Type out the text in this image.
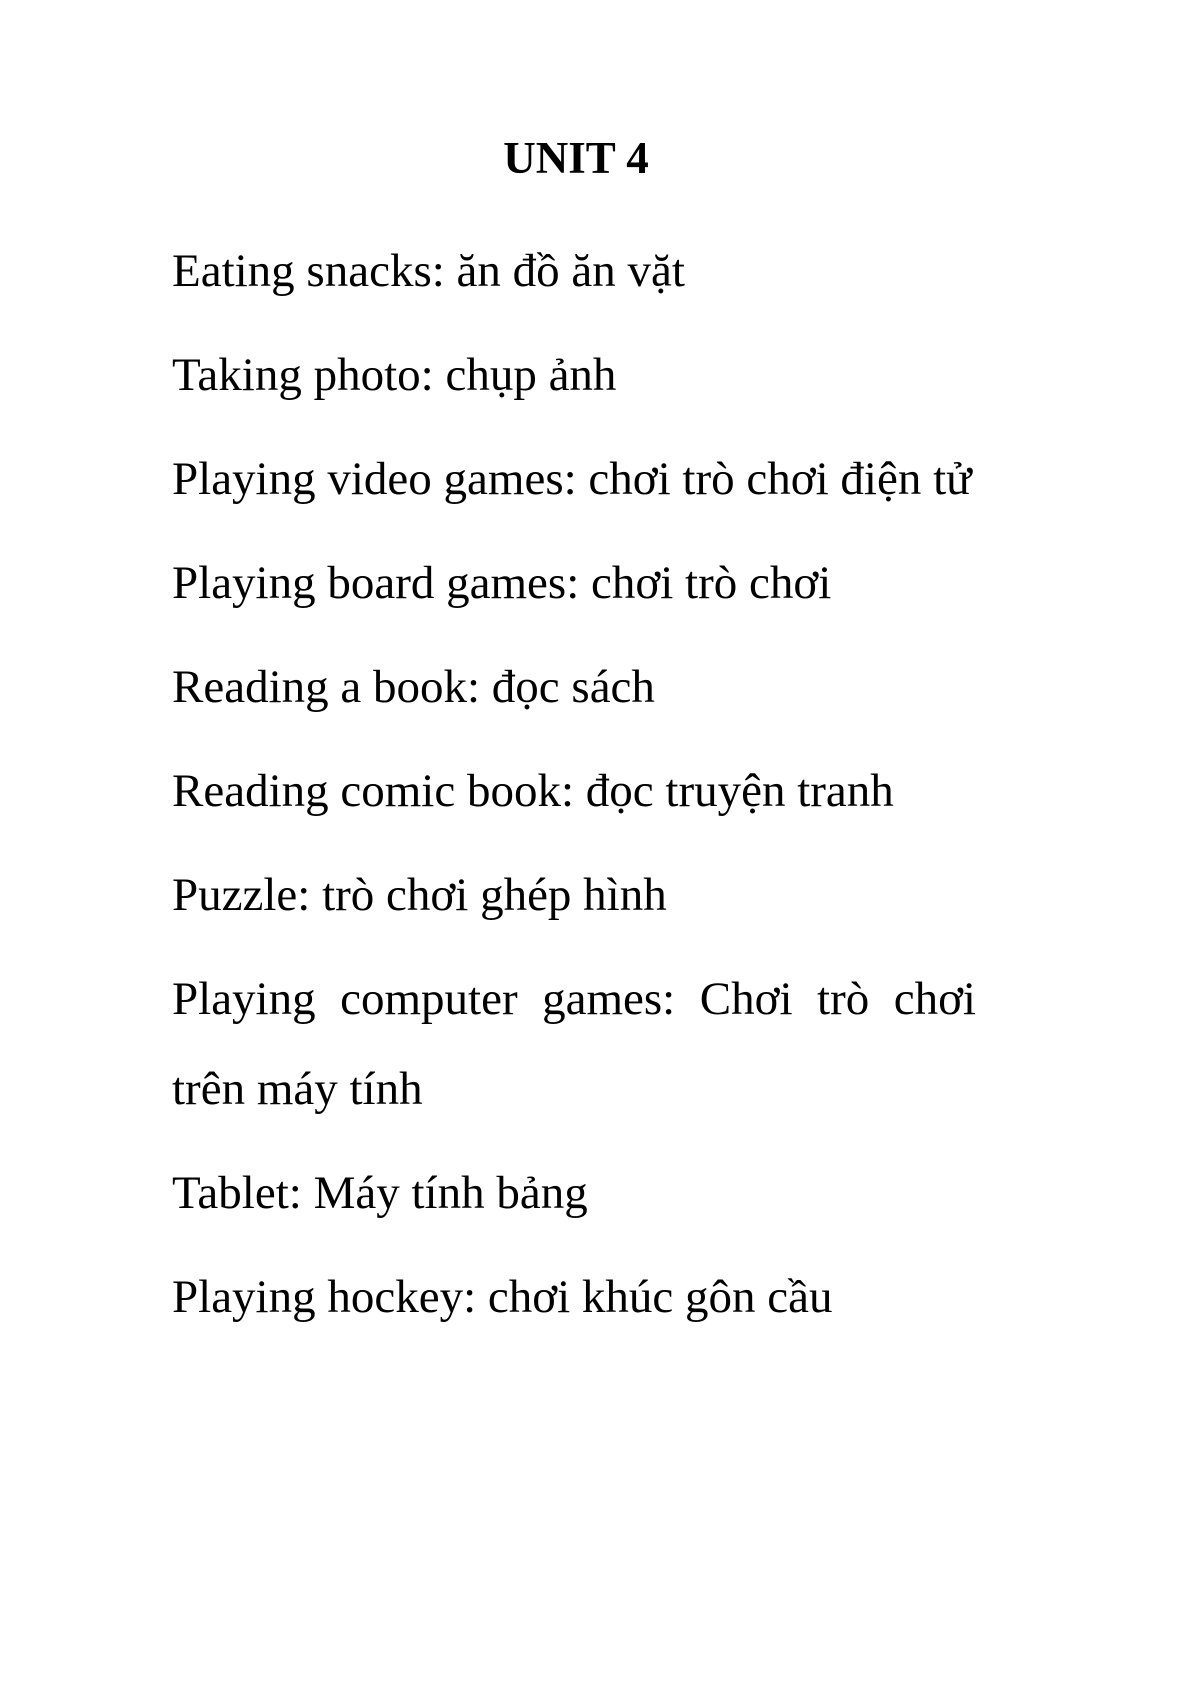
UNIT 4

Eating snacks: ăn đồ ăn vặt

Taking photo: chụp ảnh

Playing video games: chơi trò chơi điện tử

Playing board games: chơi trò chơi

Reading a book: đọc sách

Reading comic book: đọc truyện tranh

Puzzle: trò chơi ghép hình

Playing computer games: Chơi trò chơi trên máy tính

Tablet: Máy tính bảng

Playing hockey: chơi khúc gôn cầu
